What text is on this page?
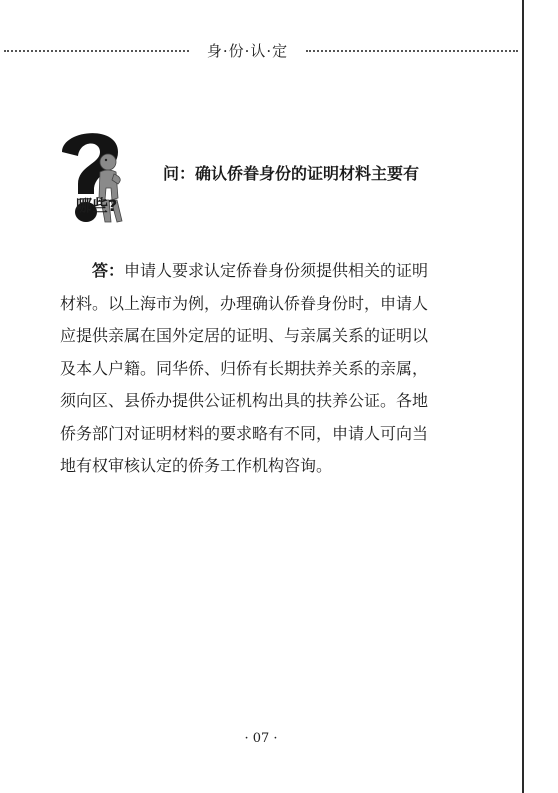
身·份·认·定
问：确认侨眷身份的证明材料主要有
哪些?
答：申请人要求认定侨眷身份须提供相关的证明
材料。以上海市为例，办理确认侨眷身份时，申请人
应提供亲属在国外定居的证明、与亲属关系的证明以
及本人户籍。同华侨、归侨有长期扶养关系的亲属，
须向区、县侨办提供公证机构出具的扶养公证。各地
侨务部门对证明材料的要求略有不同，申请人可向当
地有权审核认定的侨务工作机构咨询。
· 07 ·
